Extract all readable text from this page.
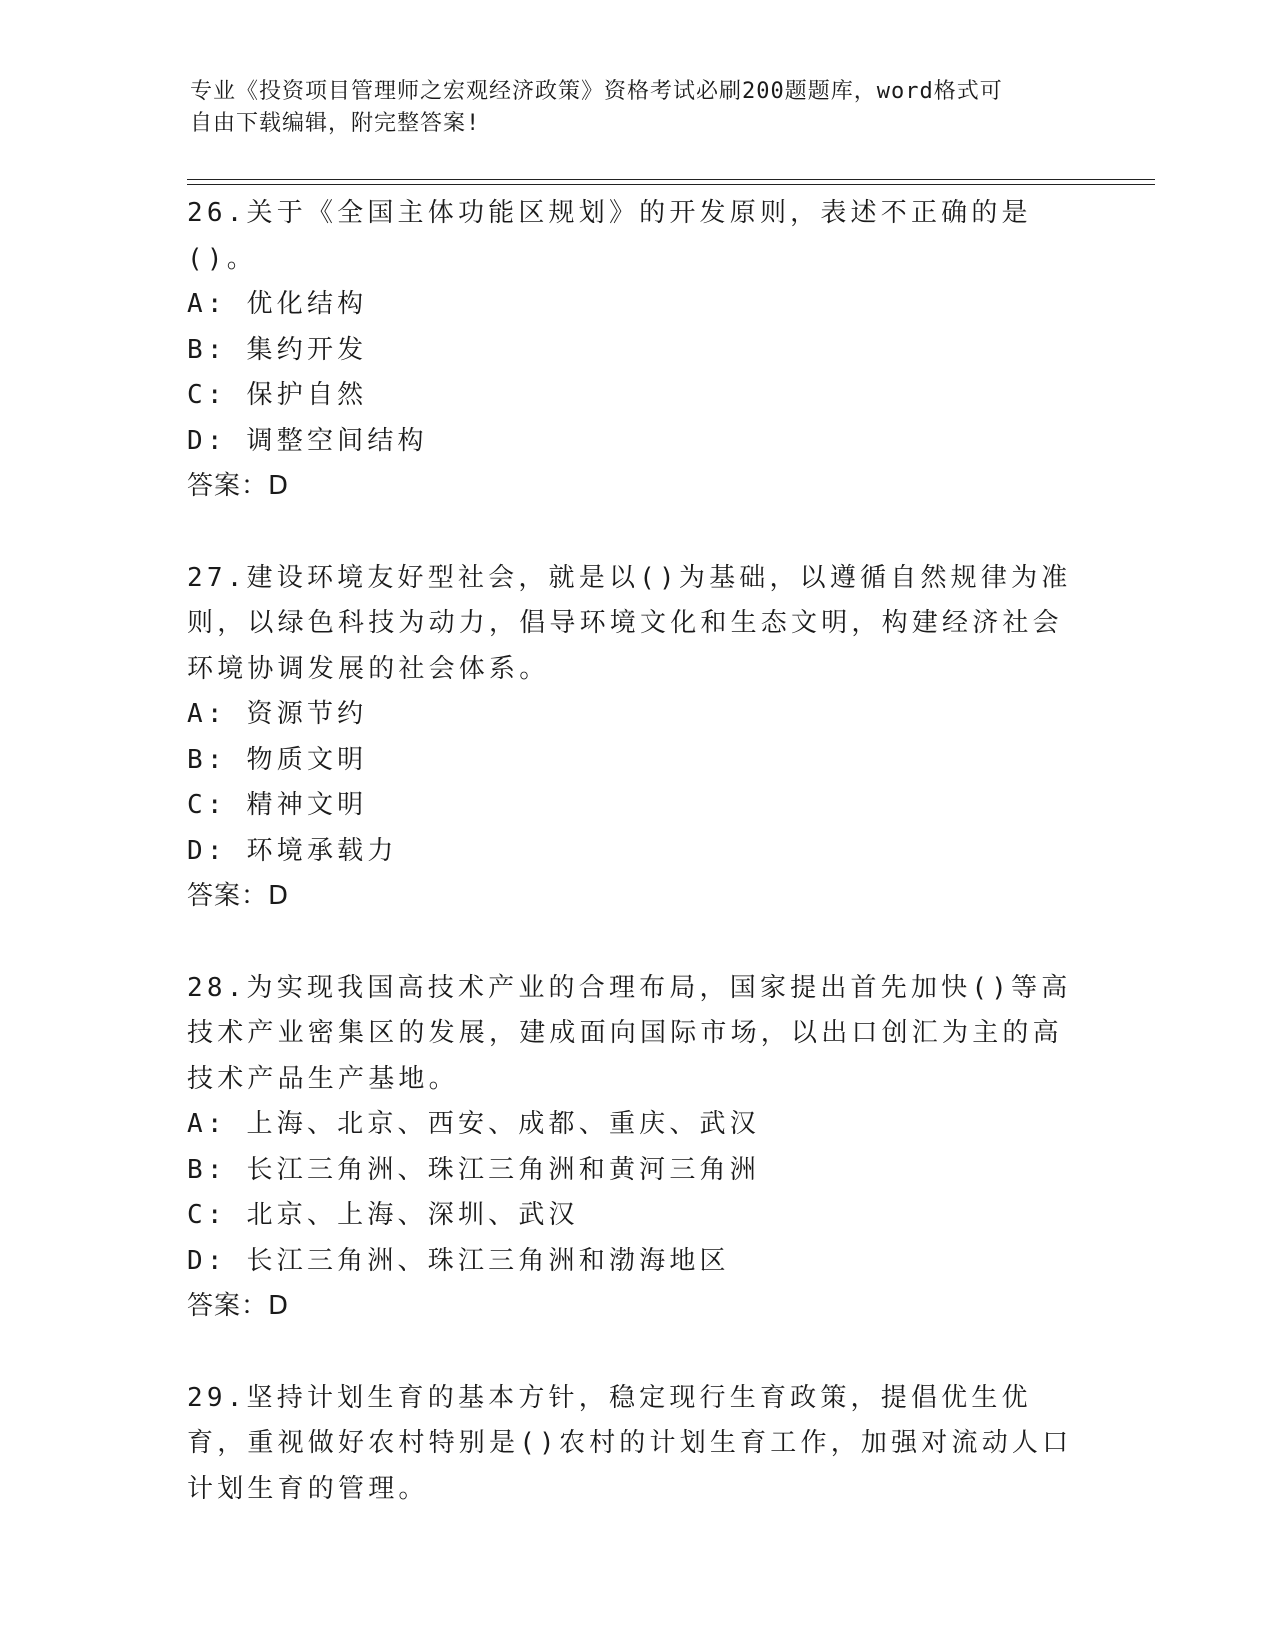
专业《投资项目管理师之宏观经济政策》资格考试必刷200题题库，word格式可
自由下载编辑，附完整答案!

26.关于《全国主体功能区规划》的开发原则，表述不正确的是()。

A: 优化结构

B: 集约开发

C: 保护自然

D: 调整空间结构

答案：D

27.建设环境友好型社会，就是以()为基础，以遵循自然规律为准则，以绿色科技为动力，倡导环境文化和生态文明，构建经济社会环境协调发展的社会体系。

A: 资源节约

B: 物质文明

C: 精神文明

D: 环境承载力

答案：D

28.为实现我国高技术产业的合理布局，国家提出首先加快()等高技术产业密集区的发展，建成面向国际市场，以出口创汇为主的高技术产品生产基地。

A: 上海、北京、西安、成都、重庆、武汉

B: 长江三角洲、珠江三角洲和黄河三角洲

C: 北京、上海、深圳、武汉

D: 长江三角洲、珠江三角洲和渤海地区

答案：D

29.坚持计划生育的基本方针，稳定现行生育政策，提倡优生优育，重视做好农村特别是()农村的计划生育工作，加强对流动人口计划生育的管理。
